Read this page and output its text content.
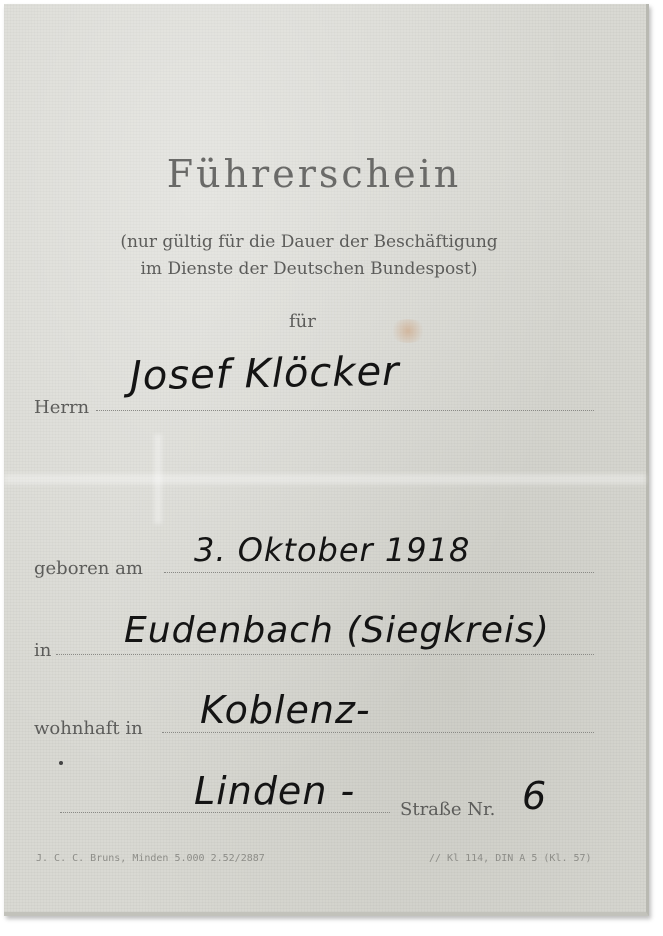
Führerschein
(nur gültig für die Dauer der Beschäftigung
im Dienste der Deutschen Bundespost)
für
Herrn
Josef Klöcker
geboren am 3. Oktober 1918
in Eudenbach (Siegkreis)
wohnhaft in Koblenz-
Linden - Straße Nr. 6
J. C. C. Bruns, Minden 5.000 2.52/2887	// Kl 114, DIN A 5 (Kl. 57)
